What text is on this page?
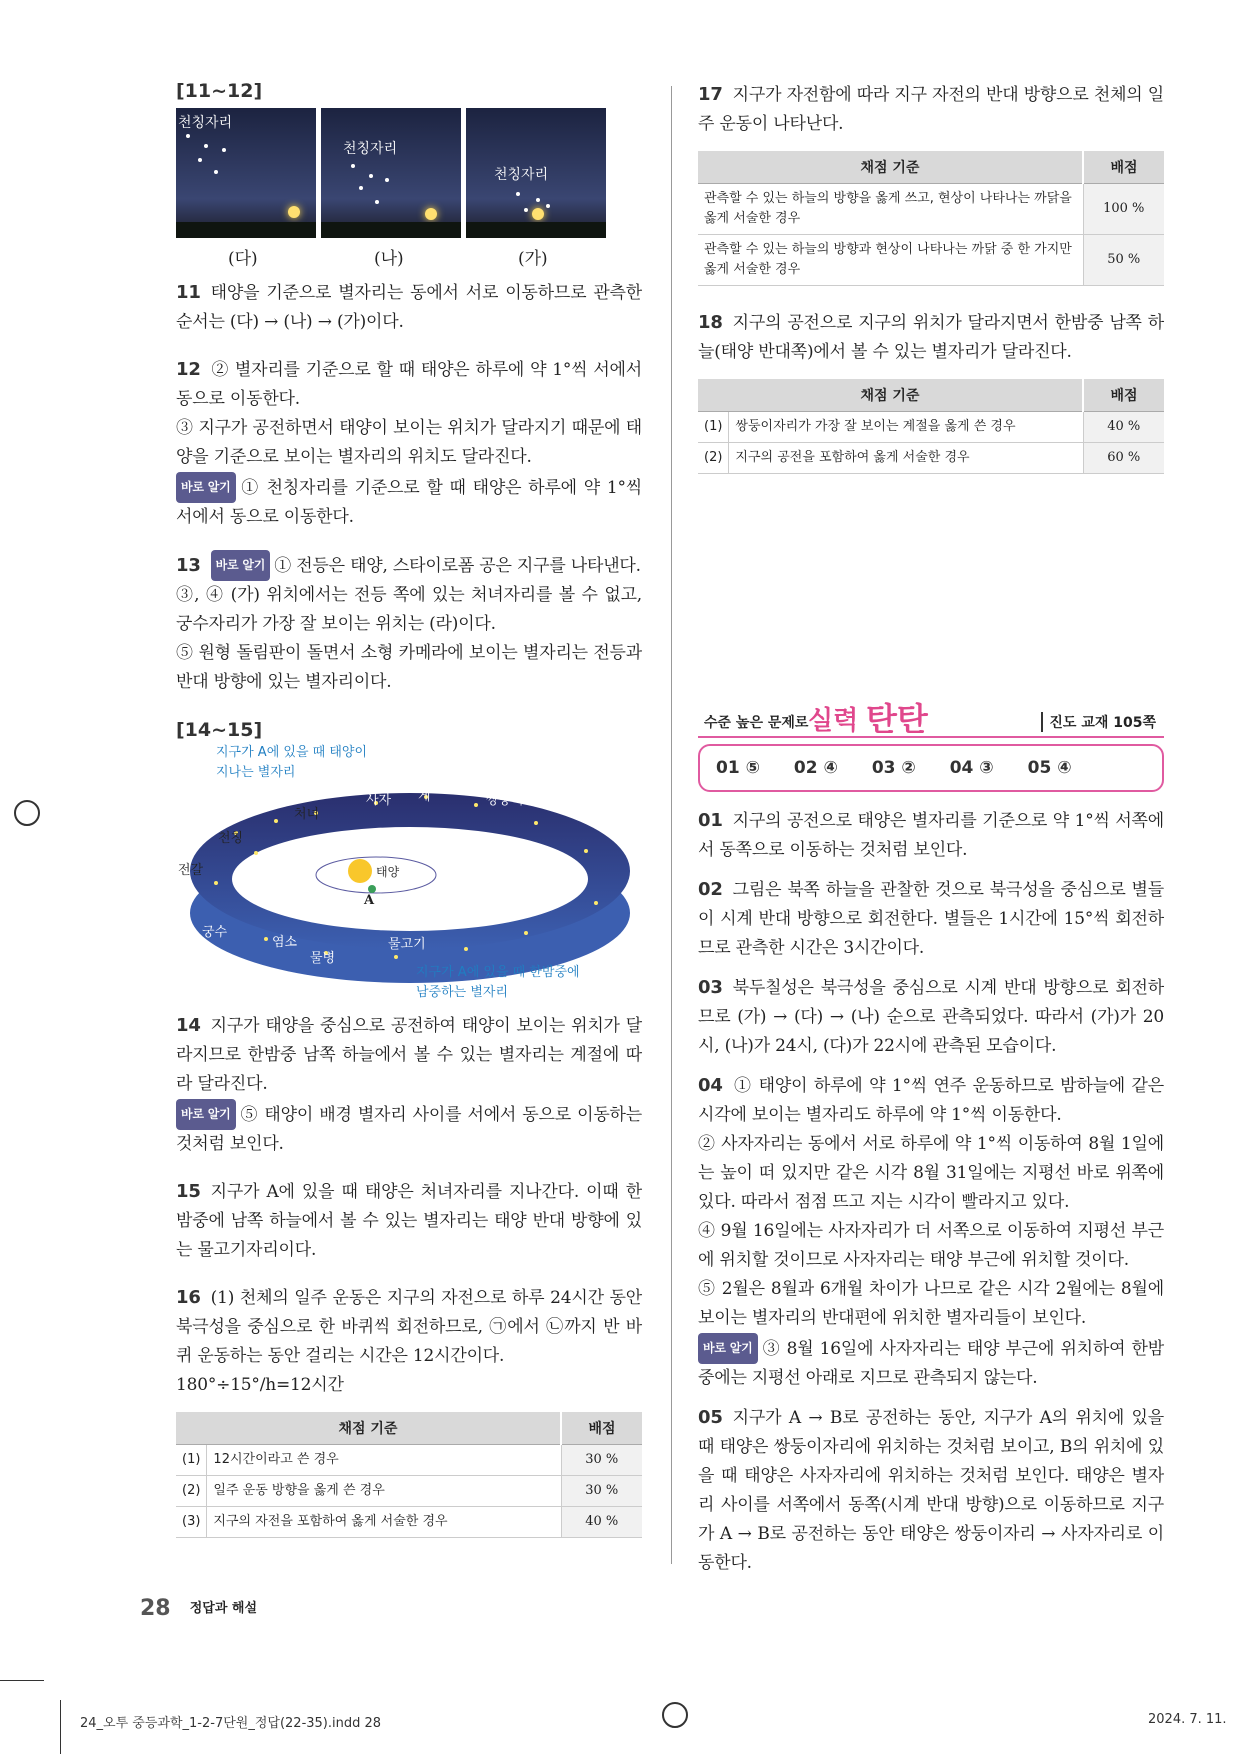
[11~12]
천칭자리
(다)
천칭자리
(나)
천칭자리
(가)

11 태양을 기준으로 별자리는 동에서 서로 이동하므로 관측한 순서는 (다) → (나) → (가)이다.

12 ② 별자리를 기준으로 할 때 태양은 하루에 약 1°씩 서에서 동으로 이동한다.
③ 지구가 공전하면서 태양이 보이는 위치가 달라지기 때문에 태양을 기준으로 보이는 별자리의 위치도 달라진다.
바로 알기 ① 천칭자리를 기준으로 할 때 태양은 하루에 약 1°씩 서에서 동으로 이동한다.

13 바로 알기 ① 전등은 태양, 스타이로폼 공은 지구를 나타낸다.
③, ④ (가) 위치에서는 전등 쪽에 있는 처녀자리를 볼 수 없고, 궁수자리가 가장 잘 보이는 위치는 (라)이다.
⑤ 원형 돌림판이 돌면서 소형 카메라에 보이는 별자리는 전등과 반대 방향에 있는 별자리이다.

[14~15]
지구가 A에 있을 때 태양이
지나는 별자리
천칭
처녀
사자 게	쌍둥이
전갈	황소
궁수
염소
물병
물고기
양
태양
A
지구가 A에 있을 때 한밤중에
남중하는 별자리

14 지구가 태양을 중심으로 공전하여 태양이 보이는 위치가 달라지므로 한밤중 남쪽 하늘에서 볼 수 있는 별자리는 계절에 따라 달라진다.
바로 알기 ⑤ 태양이 배경 별자리 사이를 서에서 동으로 이동하는 것처럼 보인다.

15 지구가 A에 있을 때 태양은 처녀자리를 지나간다. 이때 한밤중에 남쪽 하늘에서 볼 수 있는 별자리는 태양 반대 방향에 있는 물고기자리이다.

16 (1) 천체의 일주 운동은 지구의 자전으로 하루 24시간 동안 북극성을 중심으로 한 바퀴씩 회전하므로, ㉠에서 ㉡까지 반 바퀴 운동하는 동안 걸리는 시간은 12시간이다.
180°÷15°/h=12시간

채점 기준		배점
(1)	12시간이라고 쓴 경우	30 %
(2)	일주 운동 방향을 옳게 쓴 경우	30 %
(3)	지구의 자전을 포함하여 옳게 서술한 경우	40 %

17 지구가 자전함에 따라 지구 자전의 반대 방향으로 천체의 일주 운동이 나타난다.

채점 기준	배점
관측할 수 있는 하늘의 방향을 옳게 쓰고, 현상이 나타나는 까닭을 옳게 서술한 경우	100 %
관측할 수 있는 하늘의 방향과 현상이 나타나는 까닭 중 한 가지만 옳게 서술한 경우	50 %

18 지구의 공전으로 지구의 위치가 달라지면서 한밤중 남쪽 하늘(태양 반대쪽)에서 볼 수 있는 별자리가 달라진다.

채점 기준		배점
(1)	쌍둥이자리가 가장 잘 보이는 계절을 옳게 쓴 경우	40 %
(2)	지구의 공전을 포함하여 옳게 서술한 경우	60 %
수준 높은 문제로 실력 탄탄	진도 교재 105쪽
01 ⑤ 02 ④ 03 ② 04 ③ 05 ④

01 지구의 공전으로 태양은 별자리를 기준으로 약 1°씩 서쪽에서 동쪽으로 이동하는 것처럼 보인다.

02 그림은 북쪽 하늘을 관찰한 것으로 북극성을 중심으로 별들이 시계 반대 방향으로 회전한다. 별들은 1시간에 15°씩 회전하므로 관측한 시간은 3시간이다.

03 북두칠성은 북극성을 중심으로 시계 반대 방향으로 회전하므로 (가) → (다) → (나) 순으로 관측되었다. 따라서 (가)가 20시, (나)가 24시, (다)가 22시에 관측된 모습이다.

04 ① 태양이 하루에 약 1°씩 연주 운동하므로 밤하늘에 같은 시각에 보이는 별자리도 하루에 약 1°씩 이동한다.
② 사자자리는 동에서 서로 하루에 약 1°씩 이동하여 8월 1일에는 높이 떠 있지만 같은 시각 8월 31일에는 지평선 바로 위쪽에 있다. 따라서 점점 뜨고 지는 시각이 빨라지고 있다.
④ 9월 16일에는 사자자리가 더 서쪽으로 이동하여 지평선 부근에 위치할 것이므로 사자자리는 태양 부근에 위치할 것이다.
⑤ 2월은 8월과 6개월 차이가 나므로 같은 시각 2월에는 8월에 보이는 별자리의 반대편에 위치한 별자리들이 보인다.
바로 알기 ③ 8월 16일에 사자자리는 태양 부근에 위치하여 한밤중에는 지평선 아래로 지므로 관측되지 않는다.

05 지구가 A → B로 공전하는 동안, 지구가 A의 위치에 있을 때 태양은 쌍둥이자리에 위치하는 것처럼 보이고, B의 위치에 있을 때 태양은 사자자리에 위치하는 것처럼 보인다. 태양은 별자리 사이를 서쪽에서 동쪽(시계 반대 방향)으로 이동하므로 지구가 A → B로 공전하는 동안 태양은 쌍둥이자리 → 사자자리로 이동한다.

28 정답과 해설
24_오투 중등과학_1-2-7단원_정답(22-35).indd 28	2024. 7. 11.
